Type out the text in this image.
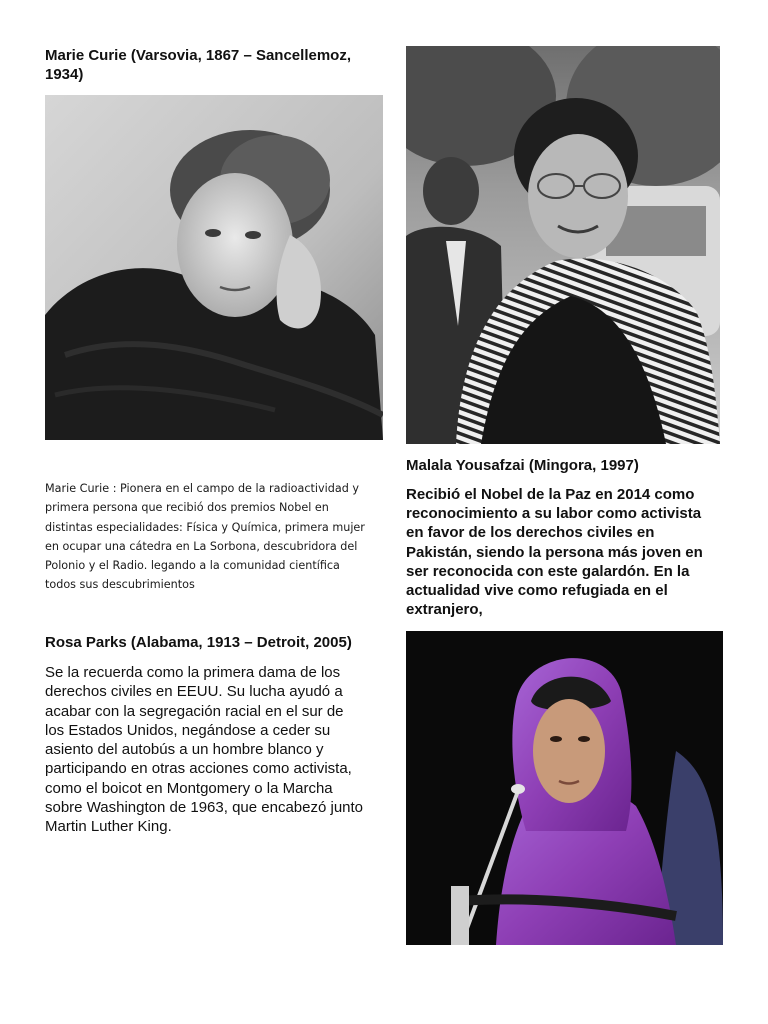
Marie Curie (Varsovia, 1867 – Sancellemoz, 1934)
Marie Curie : Pionera en el campo de la radioactividad y primera persona que recibió dos premios Nobel en distintas especialidades: Física y Química, primera mujer en ocupar una cátedra en La Sorbona, descubridora del Polonio y el Radio. legando a la comunidad científica todos sus descubrimientos
Malala Yousafzai (Mingora, 1997)
Recibió el Nobel de la Paz en 2014 como reconocimiento a su labor como activista en favor de los derechos civiles en Pakistán, siendo la persona más joven en ser reconocida con este galardón. En la actualidad vive como refugiada en el extranjero,
Rosa Parks (Alabama, 1913 – Detroit, 2005)
Se la recuerda como la primera dama de los derechos civiles en EEUU. Su lucha ayudó a acabar con la segregación racial en el sur de los Estados Unidos, negándose a ceder su asiento del autobús a un hombre blanco y participando en otras acciones como activista, como el boicot en Montgomery o la Marcha sobre Washington de 1963, que encabezó junto Martin Luther King.
